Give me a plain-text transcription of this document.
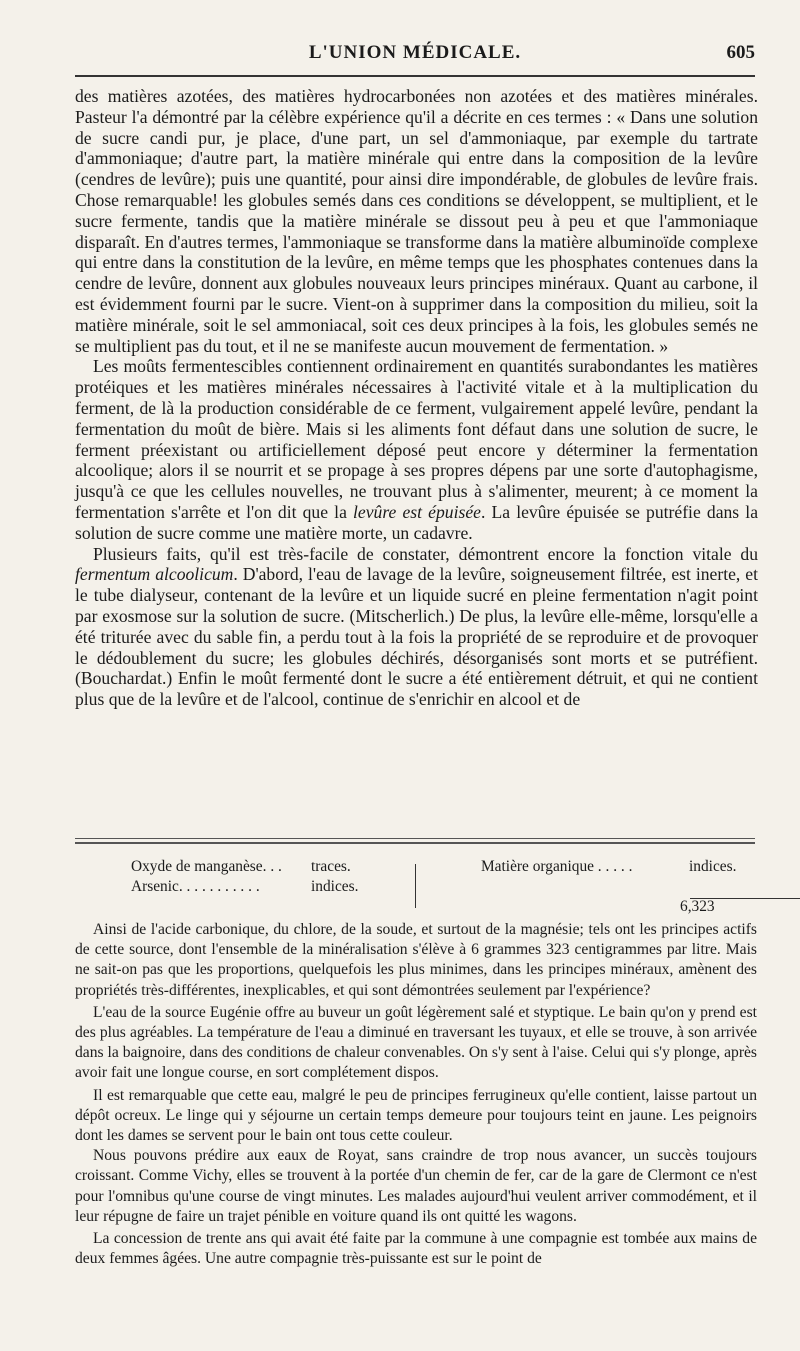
L'UNION MÉDICALE.	605

des matières azotées, des matières hydrocarbonées non azotées et des matières minérales. Pasteur l'a démontré par la célèbre expérience qu'il a décrite en ces termes : « Dans une solution de sucre candi pur, je place, d'une part, un sel d'ammoniaque, par exemple du tartrate d'ammoniaque; d'autre part, la matière minérale qui entre dans la composition de la levûre (cendres de levûre); puis une quantité, pour ainsi dire impondérable, de globules de levûre frais. Chose remarquable! les globules semés dans ces conditions se développent, se multiplient, et le sucre fermente, tandis que la matière minérale se dissout peu à peu et que l'ammoniaque disparaît. En d'autres termes, l'ammoniaque se transforme dans la matière albuminoïde complexe qui entre dans la constitution de la levûre, en même temps que les phosphates contenues dans la cendre de levûre, donnent aux globules nouveaux leurs principes minéraux. Quant au carbone, il est évidemment fourni par le sucre. Vient-on à supprimer dans la composition du milieu, soit la matière minérale, soit le sel ammoniacal, soit ces deux principes à la fois, les globules semés ne se multiplient pas du tout, et il ne se manifeste aucun mouvement de fermentation. »

Les moûts fermentescibles contiennent ordinairement en quantités surabondantes les matières protéiques et les matières minérales nécessaires à l'activité vitale et à la multiplication du ferment, de là la production considérable de ce ferment, vulgairement appelé levûre, pendant la fermentation du moût de bière. Mais si les aliments font défaut dans une solution de sucre, le ferment préexistant ou artificiellement déposé peut encore y déterminer la fermentation alcoolique; alors il se nourrit et se propage à ses propres dépens par une sorte d'autophagisme, jusqu'à ce que les cellules nouvelles, ne trouvant plus à s'alimenter, meurent; à ce moment la fermentation s'arrête et l'on dit que la levûre est épuisée. La levûre épuisée se putréfie dans la solution de sucre comme une matière morte, un cadavre.

Plusieurs faits, qu'il est très-facile de constater, démontrent encore la fonction vitale du fermentum alcoolicum. D'abord, l'eau de lavage de la levûre, soigneusement filtrée, est inerte, et le tube dialyseur, contenant de la levûre et un liquide sucré en pleine fermentation n'agit point par exosmose sur la solution de sucre. (Mitscherlich.) De plus, la levûre elle-même, lorsqu'elle a été triturée avec du sable fin, a perdu tout à la fois la propriété de se reproduire et de provoquer le dédoublement du sucre; les globules déchirés, désorganisés sont morts et se putréfient. (Bouchardat.) Enfin le moût fermenté dont le sucre a été entièrement détruit, et qui ne contient plus que de la levûre et de l'alcool, continue de s'enrichir en alcool et de

Oxyde de manganèse. . . traces.	Matière organique . . . . .	indices.
Arsenic. . . . . . . . . . .	indices.
6,323

Ainsi de l'acide carbonique, du chlore, de la soude, et surtout de la magnésie; tels ont les principes actifs de cette source, dont l'ensemble de la minéralisation s'élève à 6 grammes 323 centigrammes par litre. Mais ne sait-on pas que les proportions, quelquefois les plus minimes, dans les principes minéraux, amènent des propriétés très-différentes, inexplicables, et qui sont démontrées seulement par l'expérience?

L'eau de la source Eugénie offre au buveur un goût légèrement salé et styptique. Le bain qu'on y prend est des plus agréables. La température de l'eau a diminué en traversant les tuyaux, et elle se trouve, à son arrivée dans la baignoire, dans des conditions de chaleur convenables. On s'y sent à l'aise. Celui qui s'y plonge, après avoir fait une longue course, en sort complétement dispos.

Il est remarquable que cette eau, malgré le peu de principes ferrugineux qu'elle contient, laisse partout un dépôt ocreux. Le linge qui y séjourne un certain temps demeure pour toujours teint en jaune. Les peignoirs dont les dames se servent pour le bain ont tous cette couleur.

Nous pouvons prédire aux eaux de Royat, sans craindre de trop nous avancer, un succès toujours croissant. Comme Vichy, elles se trouvent à la portée d'un chemin de fer, car de la gare de Clermont ce n'est pour l'omnibus qu'une course de vingt minutes. Les malades aujourd'hui veulent arriver commodément, et il leur répugne de faire un trajet pénible en voiture quand ils ont quitté les wagons.

La concession de trente ans qui avait été faite par la commune à une compagnie est tombée aux mains de deux femmes âgées. Une autre compagnie très-puissante est sur le point de
